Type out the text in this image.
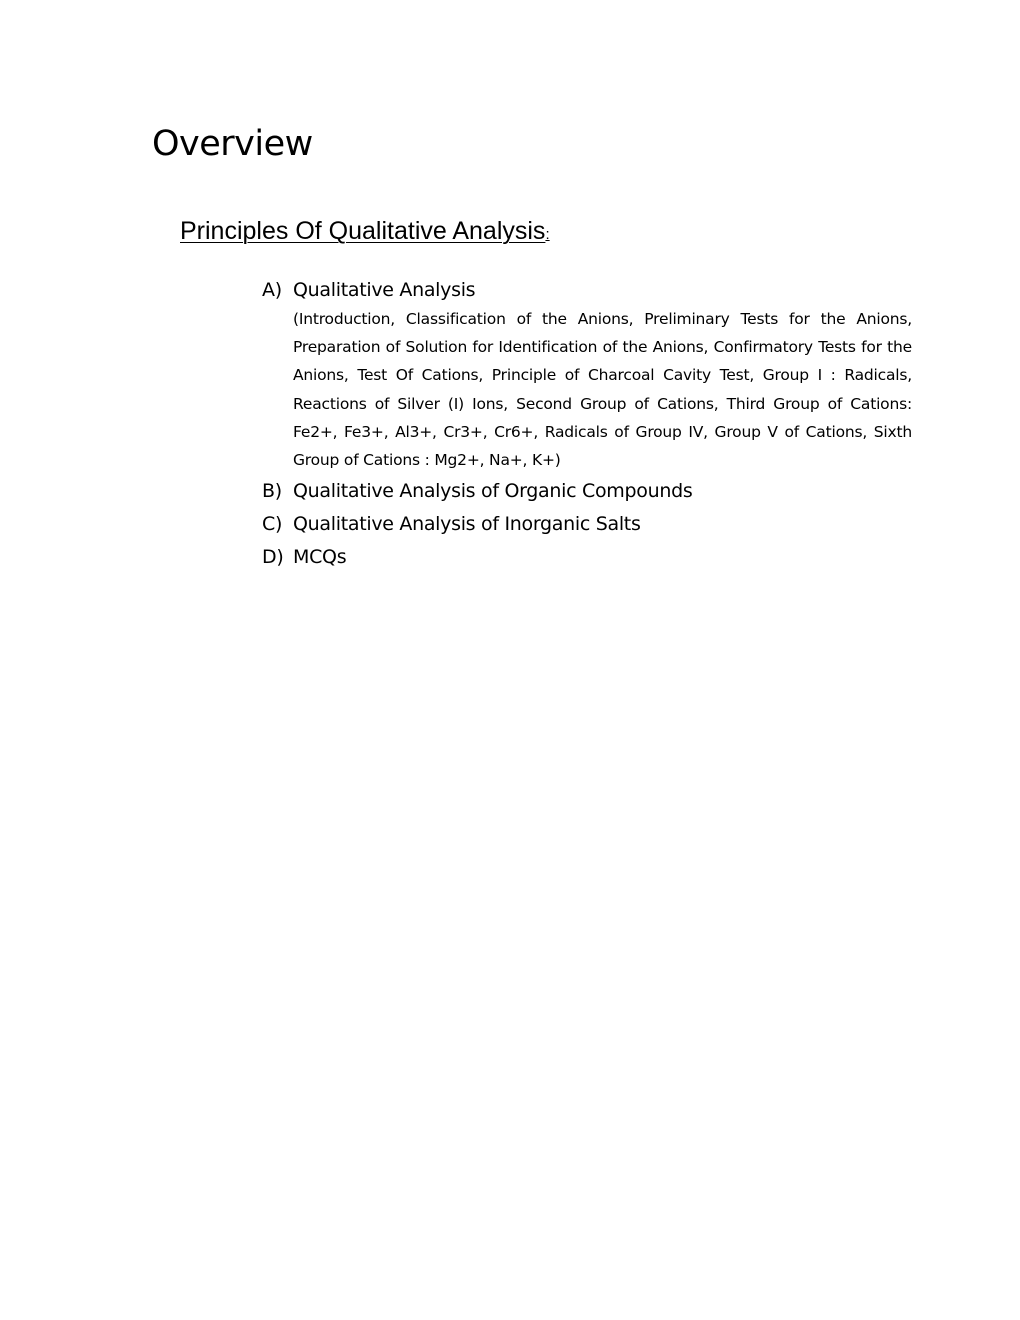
Overview
Principles Of Qualitative Analysis:
A) Qualitative Analysis
(Introduction, Classification of the Anions, Preliminary Tests for the Anions, Preparation of Solution for Identification of the Anions, Confirmatory Tests for the Anions, Test Of Cations, Principle of Charcoal Cavity Test, Group I : Radicals, Reactions of Silver (I) Ions, Second Group of Cations, Third Group of Cations: Fe2+, Fe3+, Al3+, Cr3+, Cr6+, Radicals of Group IV, Group V of Cations, Sixth Group of Cations : Mg2+, Na+, K+)
B) Qualitative Analysis of Organic Compounds
C) Qualitative Analysis of Inorganic Salts
D) MCQs
